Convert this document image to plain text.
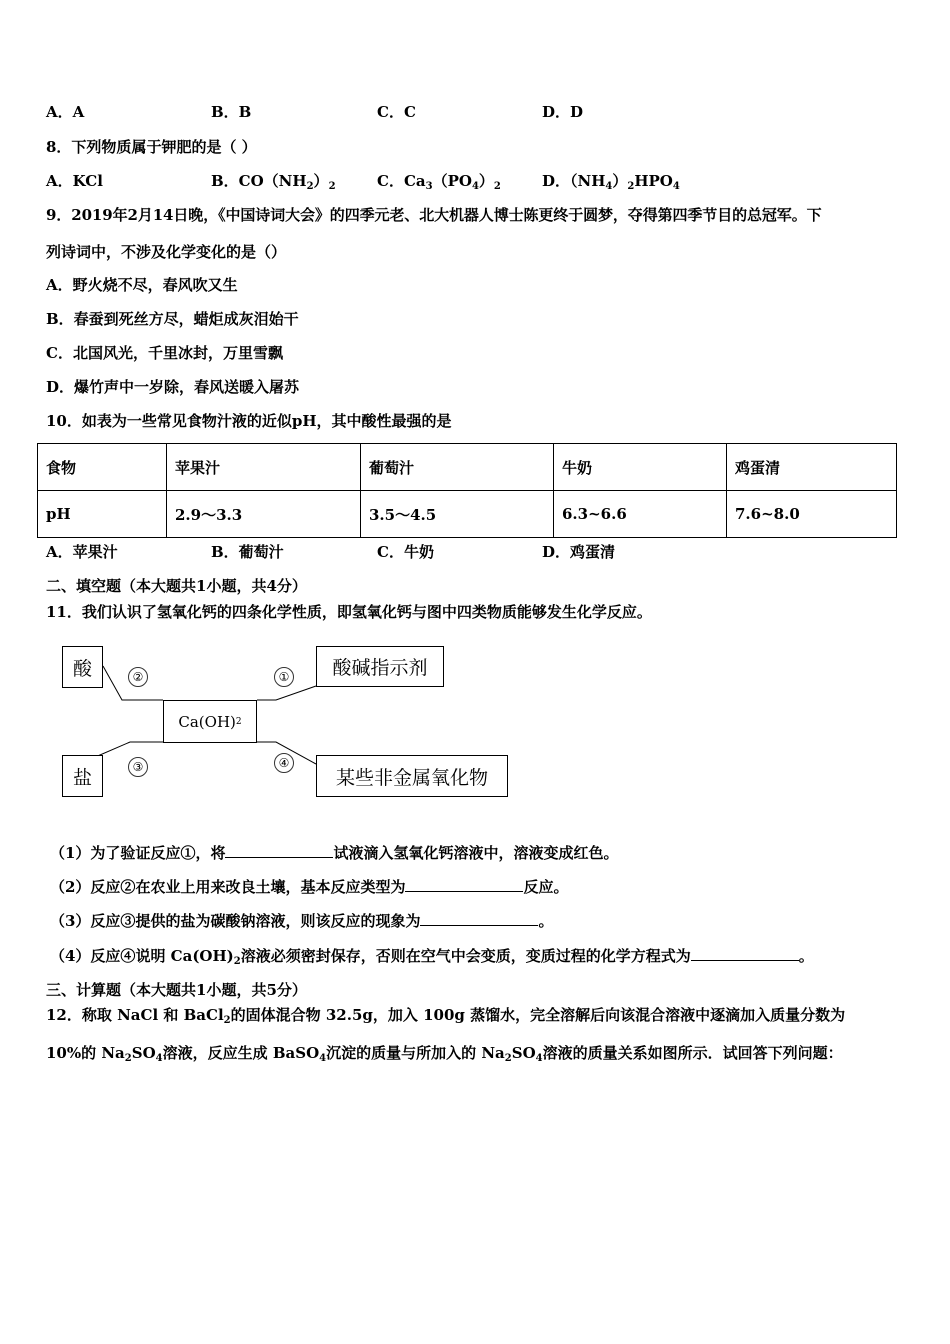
A．A	B．B	C．C	D．D
8．下列物质属于钾肥的是（ ）
A．KCl	B．$CO(NH_2)_2$	C．$Ca_3(PO_4)_2$	D．$(NH_4)_2HPO_4$
9．2019年2月14日晚，《中国诗词大会》的四季元老、北大机器人博士陈更终于圆梦，夺得第四季节目的总冠军。下
列诗词中，不涉及化学变化的是（）
A．野火烧不尽，春风吹又生
B．春蚕到死丝方尽，蜡炬成灰泪始干
C．北国风光，千里冰封，万里雪飘
D．爆竹声中一岁除，春风送暖入屠苏
10．如表为一些常见食物汁液的近似pH，其中酸性最强的是
食物	苹果汁	葡萄汁	牛奶	鸡蛋清
pH	2.9～3.3	3.5～4.5	6.3~6.6	7.6~8.0
A．苹果汁	B．葡萄汁	C．牛奶	D．鸡蛋清
二、填空题（本大题共1小题，共4分）
11．我们认识了氢氧化钙的四条化学性质，即氢氧化钙与图中四类物质能够发生化学反应。
酸	酸碱指示剂
Ca(OH) 2
盐	某些非金属氧化物
②	①
③	④
（1）为了验证反应①，将	试液滴入氢氧化钙溶液中，溶液变成红色。
（2）反应②在农业上用来改良土壤，基本反应类型为	反应。
（3）反应③提供的盐为碳酸钠溶液，则该反应的现象为	。
（4）反应④说明 $Ca(OH)_2$溶液必须密封保存，否则在空气中会变质，变质过程的化学方程式为	。
三、计算题（本大题共1小题，共5分）
12．称取 NaCl 和 BaCl$_2$的固体混合物 32.5g，加入 100g 蒸馏水，完全溶解后向该混合溶液中逐滴加入质量分数为
10%的 $Na_2SO_4$溶液，反应生成 BaSO$_4$沉淀的质量与所加入的 $Na_2SO_4$溶液的质量关系如图所示．试回答下列问题：
